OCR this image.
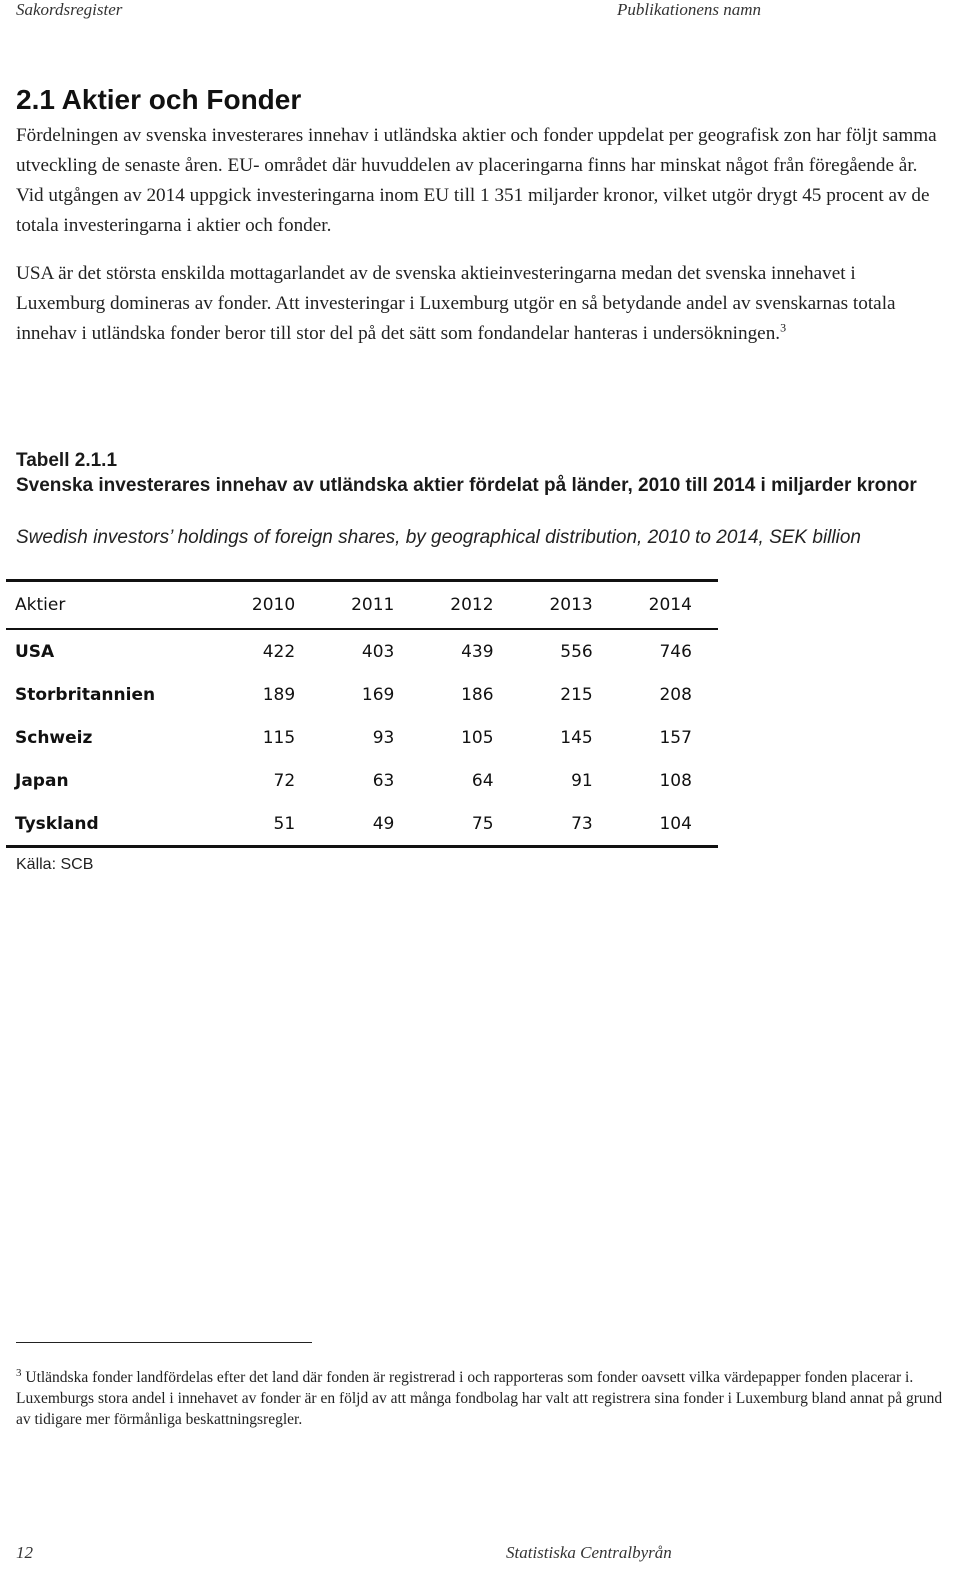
Sakordsregister	Publikationens namn
2.1 Aktier och Fonder
Fördelningen av svenska investerares innehav i utländska aktier och fonder uppdelat per geografisk zon har följt samma utveckling de senaste åren. EU- området där huvuddelen av placeringarna finns har minskat något från föregående år. Vid utgången av 2014 uppgick investeringarna inom EU till 1 351 miljarder kronor, vilket utgör drygt 45 procent av de totala investeringarna i aktier och fonder.
USA är det största enskilda mottagarlandet av de svenska aktieinvesteringarna medan det svenska innehavet i Luxemburg domineras av fonder. Att investeringar i Luxemburg utgör en så betydande andel av svenskarnas totala innehav i utländska fonder beror till stor del på det sätt som fondandelar hanteras i undersökningen.$^3$
Tabell 2.1.1
Svenska investerares innehav av utländska aktier fördelat på länder, 2010 till 2014 i miljarder kronor
Swedish investors’ holdings of foreign shares, by geographical distribution, 2010 to 2014, SEK billion
Aktier	2010	2011	2012	2013	2014
USA	422	403	439	556	746
Storbritannien	189	169	186	215	208
Schweiz	115	93	105	145	157
Japan	72	63	64	91	108
Tyskland	51	49	75	73	104
Källa: SCB
$^3$ Utländska fonder landfördelas efter det land där fonden är registrerad i och rapporteras som fonder oavsett vilka värdepapper fonden placerar i. Luxemburgs stora andel i innehavet av fonder är en följd av att många fondbolag har valt att registrera sina fonder i Luxemburg bland annat på grund av tidigare mer förmånliga beskattningsregler.
12	Statistiska Centralbyrån
